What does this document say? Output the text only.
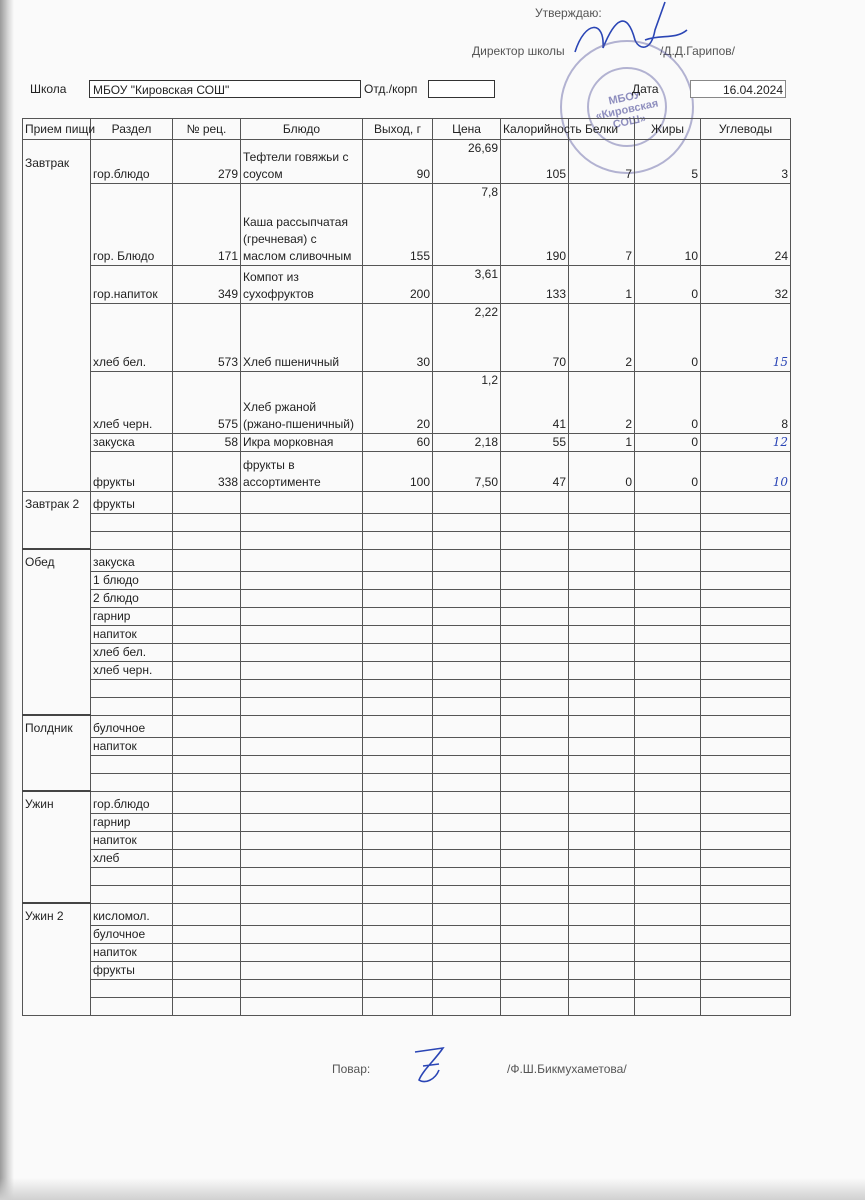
Утверждаю:
Директор школы	/Д.Д.Гарипов/
МБОУ «Кировская СОШ»
Школа	МБОУ "Кировская СОШ"	Отд./корп	Дата	16.04.2024
Прием пищи	Раздел	№ рец.	Блюдо	Выход, г	Цена	Калорийность	Белки	Жиры	Углеводы
Завтрак	гор.блюдо	279	Тефтели говяжьи с соусом	90	26,69	105	7	5	3
	гор. Блюдо	171	Каша рассыпчатая (гречневая) с маслом сливочным	155	7,8	190	7	10	24
	гор.напиток	349	Компот из сухофруктов	200	3,61	133	1	0	32
	хлеб бел.	573	Хлеб пшеничный	30	2,22	70	2	0	15
	хлеб черн.	575	Хлеб ржаной (ржано-пшеничный)	20	1,2	41	2	0	8
	закуска	58	Икра морковная	60	2,18	55	1	0	12
	фрукты	338	фрукты в ассортименте	100	7,50	47	0	0	10
Завтрак 2	фрукты								

Обед	закуска								
	1 блюдо								
	2 блюдо								
	гарнир								
	напиток								
	хлеб бел.								
	хлеб черн.								

Полдник	булочное								
	напиток								

Ужин	гор.блюдо								
	гарнир								
	напиток								
	хлеб								

Ужин 2	кисломол.								
	булочное								
	напиток								
	фрукты								

Повар:	/Ф.Ш.Бикмухаметова/
